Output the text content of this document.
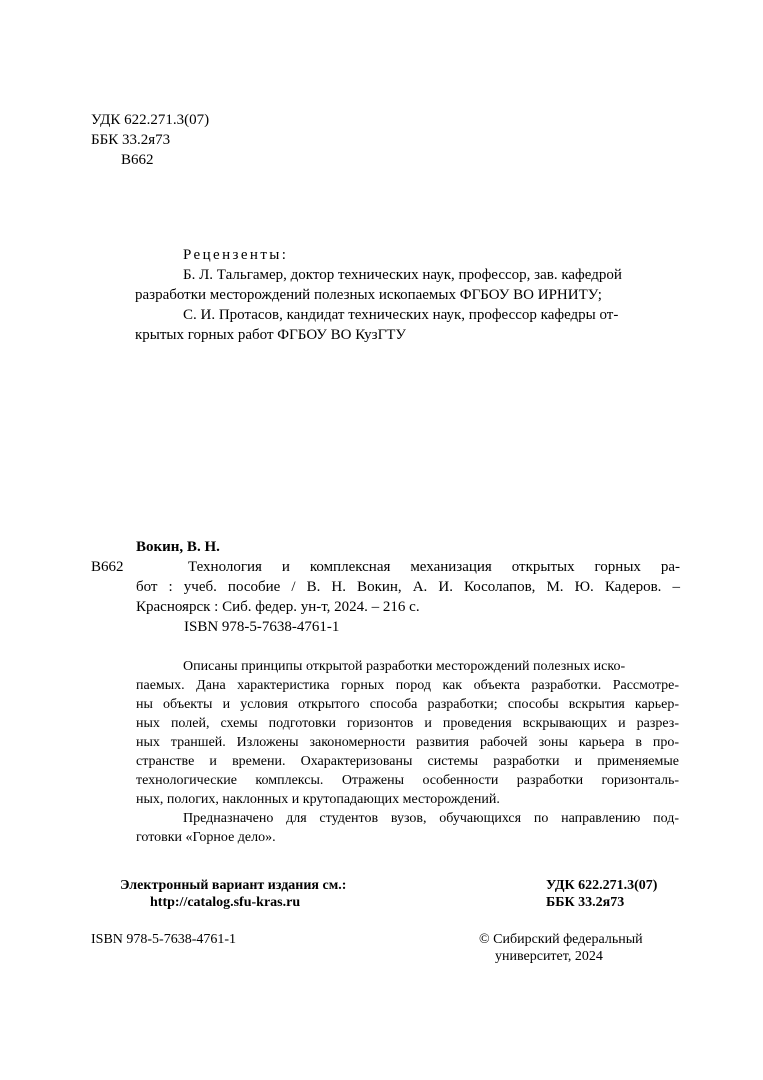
УДК 622.271.3(07)
ББК 33.2я73
В662
Рецензенты:
Б. Л. Тальгамер, доктор технических наук, профессор, зав. кафедрой
разработки месторождений полезных ископаемых ФГБОУ ВО ИРНИТУ;
С. И. Протасов, кандидат технических наук, профессор кафедры от-
крытых горных работ ФГБОУ ВО КузГТУ
Вокин, В. Н.
В662	Технология и комплексная механизация открытых горных ра-
бот : учеб. пособие / В. Н. Вокин, А. И. Косолапов, М. Ю. Кадеров. –
Красноярск : Сиб. федер. ун-т, 2024. – 216 с.
ISBN 978-5-7638-4761-1
Описаны принципы открытой разработки месторождений полезных иско-
паемых. Дана характеристика горных пород как объекта разработки. Рассмотре-
ны объекты и условия открытого способа разработки; способы вскрытия карьер-
ных полей, схемы подготовки горизонтов и проведения вскрывающих и разрез-
ных траншей. Изложены закономерности развития рабочей зоны карьера в про-
странстве и времени. Охарактеризованы системы разработки и применяемые
технологические комплексы. Отражены особенности разработки горизонталь-
ных, пологих, наклонных и крутопадающих месторождений.
Предназначено для студентов вузов, обучающихся по направлению под-
готовки «Горное дело».
Электронный вариант издания см.:
http://catalog.sfu-kras.ru
УДК 622.271.3(07)
ББК 33.2я73
ISBN 978-5-7638-4761-1	© Сибирский федеральный
университет, 2024
